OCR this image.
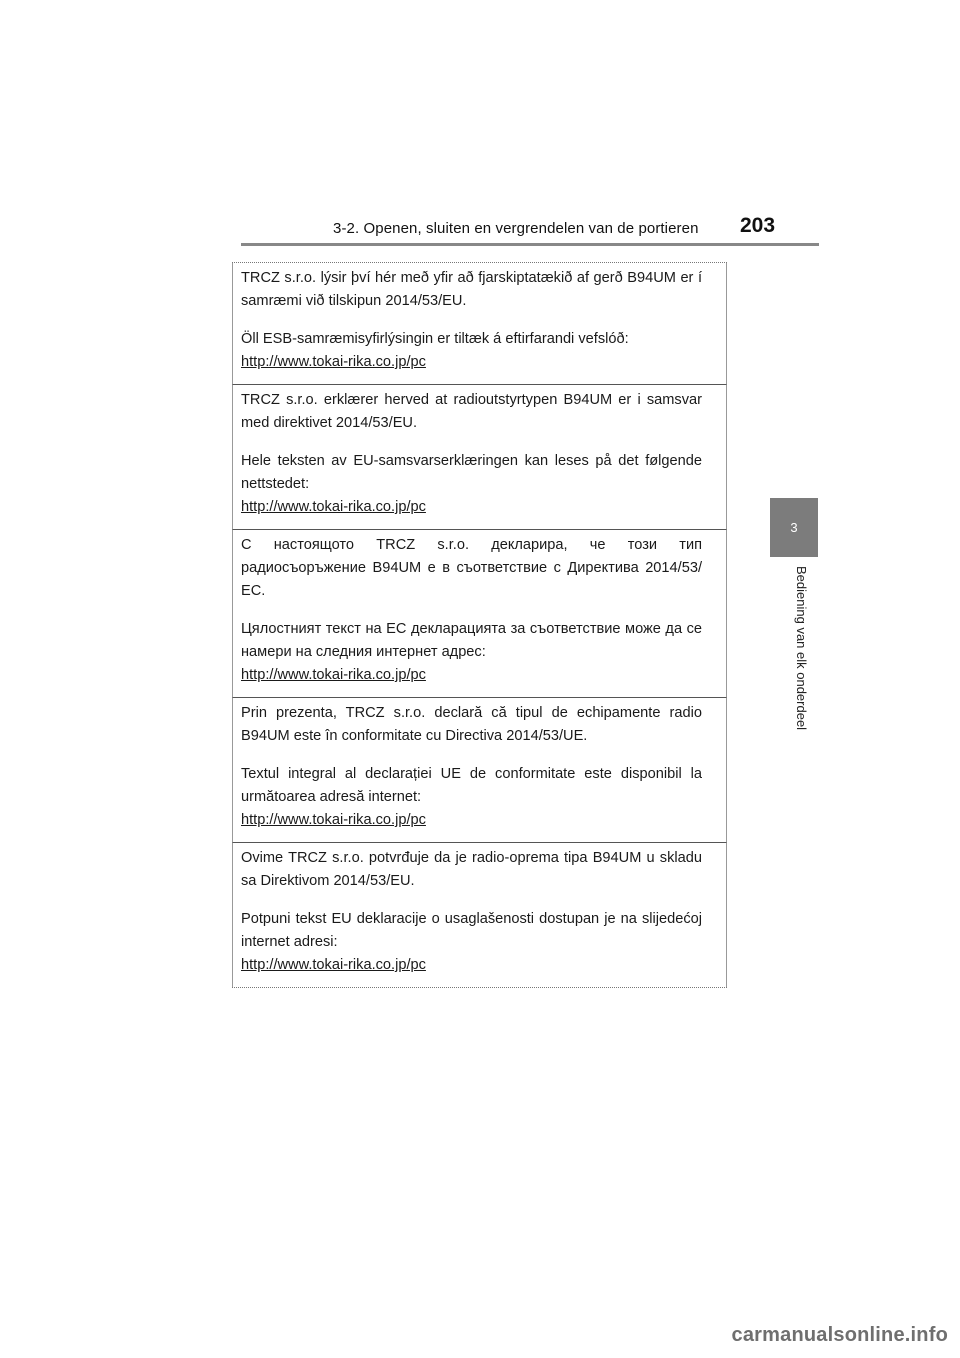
3-2. Openen, sluiten en vergrendelen van de portieren 203
3
Bediening van elk onderdeel

TRCZ s.r.o. lýsir því hér með yfir að fjarskiptatækið af gerð B94UM er í samræmi við tilskipun 2014/53/EU.

Öll ESB-samræmisyfirlýsingin er tiltæk á eftirfarandi vefslóð:
http://www.tokai-rika.co.jp/pc

TRCZ s.r.o. erklærer herved at radioutstyrtypen B94UM er i samsvar med direktivet 2014/53/EU.

Hele teksten av EU-samsvarserklæringen kan leses på det følgende nettstedet:
http://www.tokai-rika.co.jp/pc

С настоящото TRCZ s.r.o. декларира, че този тип радиосъоръжение B94UM е в съответствие с Директива 2014/53/ЕС.

Цялостният текст на ЕС декларацията за съответствие може да се намери на следния интернет адрес:
http://www.tokai-rika.co.jp/pc

Prin prezenta, TRCZ s.r.o. declară că tipul de echipamente radio B94UM este în conformitate cu Directiva 2014/53/UE.

Textul integral al declarației UE de conformitate este disponibil la următoarea adresă internet:
http://www.tokai-rika.co.jp/pc

Ovime TRCZ s.r.o. potvrđuje da je radio-oprema tipa B94UM u skladu sa Direktivom 2014/53/EU.

Potpuni tekst EU deklaracije o usaglašenosti dostupan je na slijedećoj internet adresi:
http://www.tokai-rika.co.jp/pc

carmanualsonline.info
